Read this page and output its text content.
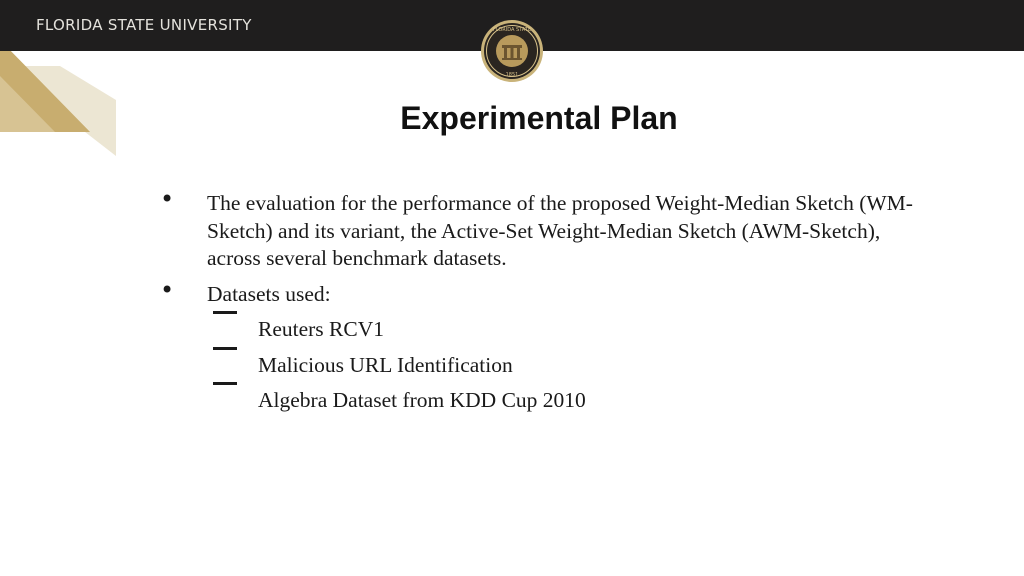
FLORIDA STATE UNIVERSITY	FLORIDA STATE
1851
Experimental Plan
• The evaluation for the performance of the proposed Weight-Median Sketch (WM-Sketch) and its variant, the Active-Set Weight-Median Sketch (AWM-Sketch), across several benchmark datasets.
• Datasets used:
Reuters RCV1
Malicious URL Identification
Algebra Dataset from KDD Cup 2010
